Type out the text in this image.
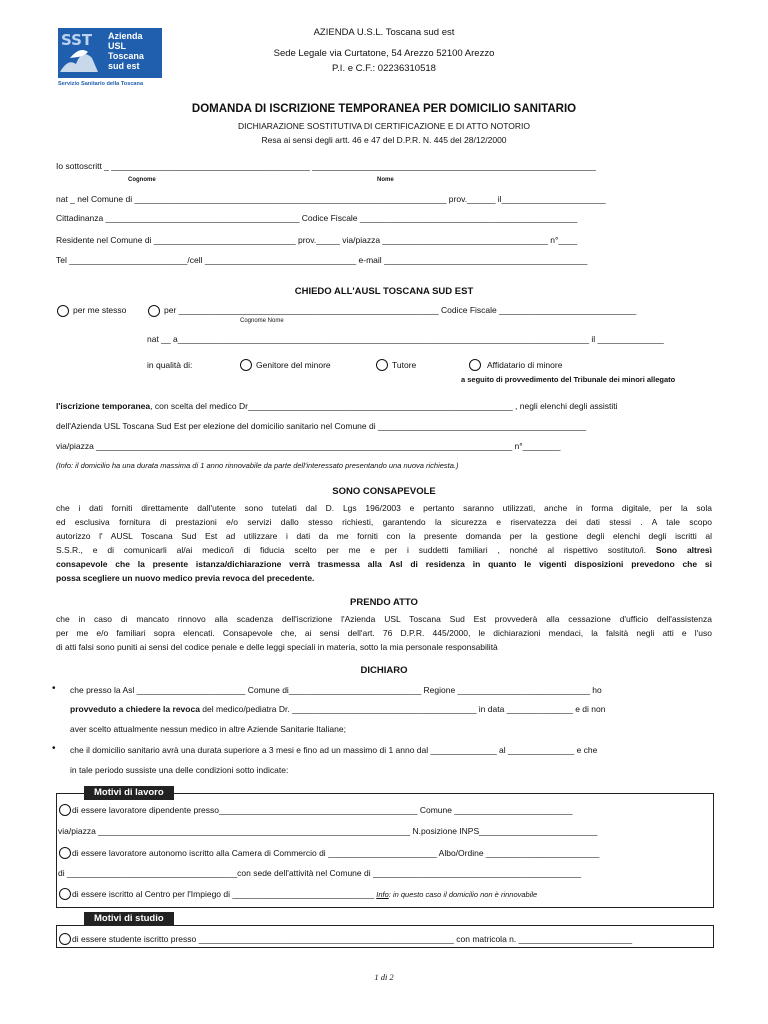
SST Azienda
USL
Toscana
sud est
Servizio Sanitario della Toscana
AZIENDA U.S.L. Toscana sud est
Sede Legale via Curtatone, 54 Arezzo 52100 Arezzo
P.I. e C.F.: 02236310518
DOMANDA DI ISCRIZIONE TEMPORANEA PER DOMICILIO SANITARIO
DICHIARAZIONE SOSTITUTIVA DI CERTIFICAZIONE E DI ATTO NOTORIO
Resa ai sensi degli artt. 46 e 47 del D.P.R. N. 445 del 28/12/2000
Io sottoscritt _ __________________________________________ ____________________________________________________________
Cognome	Nome
nat _ nel Comune di __________________________________________________________________ prov.______ il______________________
Cittadinanza _________________________________________ Codice Fiscale ______________________________________________
Residente nel Comune di ______________________________ prov._____ via/piazza ___________________________________ n°____
Tel _________________________/cell ________________________________ e-mail ___________________________________________
CHIEDO ALL'AUSL TOSCANA SUD EST
per me stesso	per _______________________________________________________ Codice Fiscale _____________________________
Cognome Nome
nat __ a_______________________________________________________________________________________ il ______________
in qualità di:	Genitore del minore	Tutore	Affidatario di minore
a seguito di provvedimento del Tribunale dei minori allegato
l'iscrizione temporanea, con scelta del medico Dr________________________________________________________ , negli elenchi degli assistiti
dell'Azienda USL Toscana Sud Est per elezione del domicilio sanitario nel Comune di ____________________________________________
via/piazza ________________________________________________________________________________________ n°________
(Info: il domicilio ha una durata massima di 1 anno rinnovabile da parte dell'interessato presentando una nuova richiesta.)
SONO CONSAPEVOLE
che i dati forniti direttamente dall'utente sono tutelati dal D. Lgs 196/2003 e pertanto saranno utilizzati, anche in forma digitale, per la sola
ed esclusiva fornitura di prestazioni e/o servizi dallo stesso richiesti, garantendo la sicurezza e riservatezza dei dati stessi . A tale scopo
autorizzo l' AUSL Toscana Sud Est ad utilizzare i dati da me forniti con la presente domanda per la gestione degli elenchi degli iscritti al
S.S.R., e di comunicarli al/ai medico/i di fiducia scelto per me e per i suddetti familiari , nonché al rispettivo sostituto/i. Sono altresì
consapevole che la presente istanza/dichiarazione verrà trasmessa alla Asl di residenza in quanto le vigenti disposizioni prevedono che si
possa scegliere un nuovo medico previa revoca del precedente.
PRENDO ATTO
che in caso di mancato rinnovo alla scadenza dell'iscrizione l'Azienda USL Toscana Sud Est provvederà alla cessazione d'ufficio dell'assistenza
per me e/o familiari sopra elencati. Consapevole che, ai sensi dell'art. 76 D.P.R. 445/2000, le dichiarazioni mendaci, la falsità negli atti e l'uso
di atti falsi sono puniti ai sensi del codice penale e delle leggi speciali in materia, sotto la mia personale responsabilità
DICHIARO
• che presso la Asl _______________________ Comune di____________________________ Regione ____________________________ ho
provveduto a chiedere la revoca del medico/pediatra Dr. _______________________________________ in data ______________ e di non
aver scelto attualmente nessun medico in altre Aziende Sanitarie Italiane;
• che il domicilio sanitario avrà una durata superiore a 3 mesi e fino ad un massimo di 1 anno dal ______________ al ______________ e che
in tale periodo sussiste una delle condizioni sotto indicate:
Motivi di lavoro
di essere lavoratore dipendente presso__________________________________________ Comune _________________________
via/piazza __________________________________________________________________ N.posizione INPS_________________________
di essere lavoratore autonomo iscritto alla Camera di Commercio di _______________________ Albo/Ordine ________________________
di ____________________________________con sede dell'attività nel Comune di ____________________________________________
di essere iscritto al Centro per l'Impiego di ______________________________ Info: in questo caso il domicilio non è rinnovabile
Motivi di studio
di essere studente iscritto presso ______________________________________________________ con matricola n. ________________________
1 di 2
